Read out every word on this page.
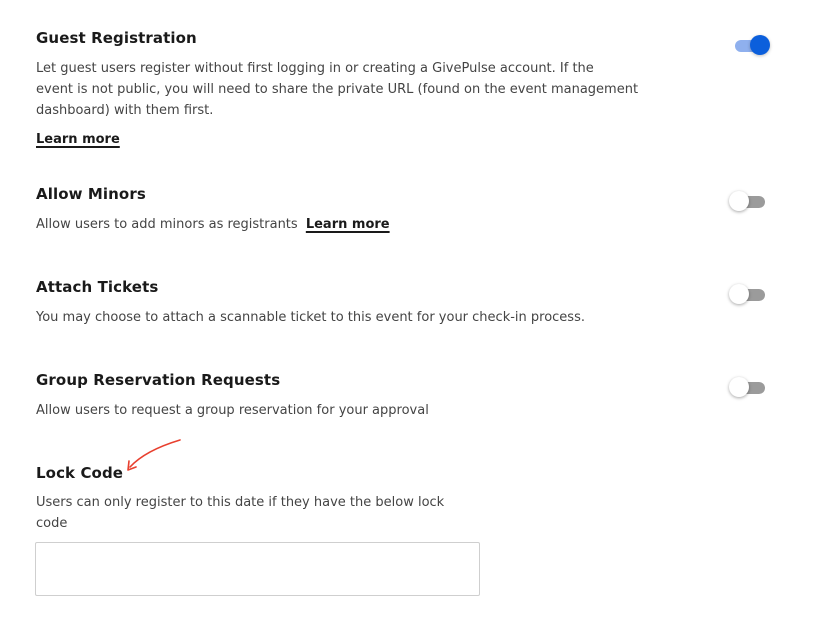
Guest Registration
Let guest users register without first logging in or creating a GivePulse account. If the
event is not public, you will need to share the private URL (found on the event management
dashboard) with them first.
Learn more
Allow Minors
Allow users to add minors as registrants Learn more
Attach Tickets
You may choose to attach a scannable ticket to this event for your check-in process.
Group Reservation Requests
Allow users to request a group reservation for your approval
Lock Code
Users can only register to this date if they have the below lock
code
